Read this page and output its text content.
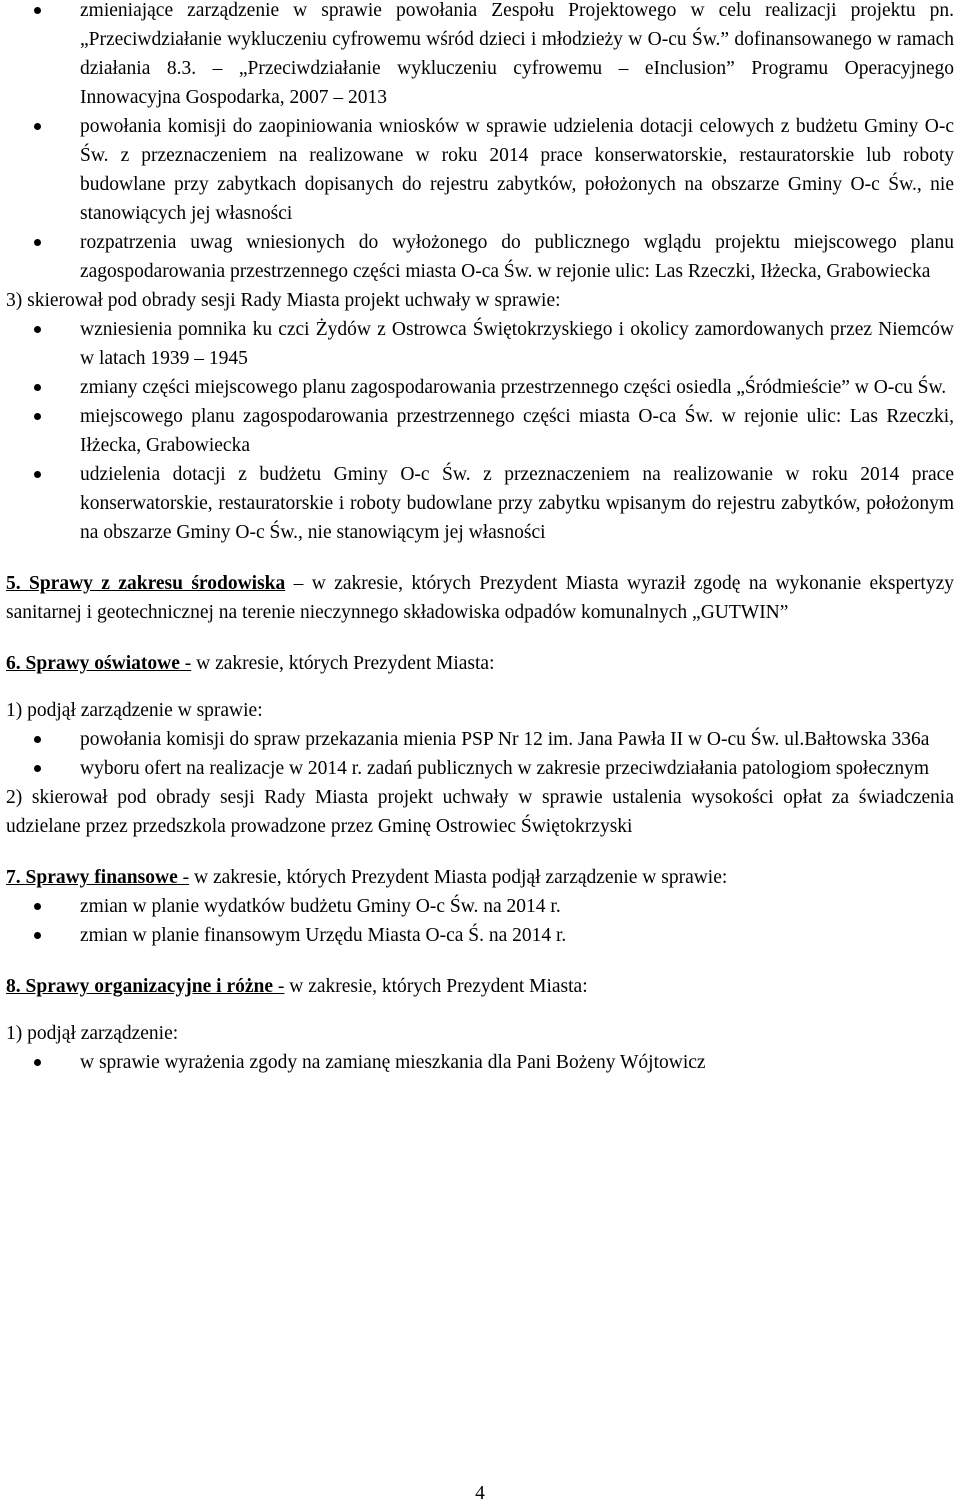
zmieniające zarządzenie w sprawie powołania Zespołu Projektowego w celu realizacji projektu pn. „Przeciwdziałanie wykluczeniu cyfrowemu wśród dzieci i młodzieży w O-cu Św.” dofinansowanego w ramach działania 8.3. – „Przeciwdziałanie wykluczeniu cyfrowemu – eInclusion” Programu Operacyjnego Innowacyjna Gospodarka, 2007 – 2013
powołania komisji do zaopiniowania wniosków w sprawie udzielenia dotacji celowych z budżetu Gminy O-c Św. z przeznaczeniem na realizowane w roku 2014 prace konserwatorskie, restauratorskie lub roboty budowlane przy zabytkach dopisanych do rejestru zabytków, położonych na obszarze Gminy O-c Św., nie stanowiących jej własności
rozpatrzenia uwag wniesionych do wyłożonego do publicznego wglądu projektu miejscowego planu zagospodarowania przestrzennego części miasta O-ca Św. w rejonie ulic: Las Rzeczki, Iłżecka, Grabowiecka

3) skierował pod obrady sesji Rady Miasta projekt uchwały w sprawie:

wzniesienia pomnika ku czci Żydów z Ostrowca Świętokrzyskiego i okolicy zamordowanych przez Niemców w latach 1939 – 1945
zmiany części miejscowego planu zagospodarowania przestrzennego części osiedla „Śródmieście” w O-cu Św.
miejscowego planu zagospodarowania przestrzennego części miasta O-ca Św. w rejonie ulic: Las Rzeczki, Iłżecka, Grabowiecka
udzielenia dotacji z budżetu Gminy O-c Św. z przeznaczeniem na realizowanie w roku 2014 prace konserwatorskie, restauratorskie i roboty budowlane przy zabytku wpisanym do rejestru zabytków, położonym na obszarze Gminy O-c Św., nie stanowiącym jej własności

5. Sprawy z zakresu środowiska – w zakresie, których Prezydent Miasta wyraził zgodę na wykonanie ekspertyzy sanitarnej i geotechnicznej na terenie nieczynnego składowiska odpadów komunalnych „GUTWIN”

6. Sprawy oświatowe - w zakresie, których Prezydent Miasta:

1) podjął zarządzenie w sprawie:

powołania komisji do spraw przekazania mienia PSP Nr 12 im. Jana Pawła II w O-cu Św. ul.Bałtowska 336a
wyboru ofert na realizacje w 2014 r. zadań publicznych w zakresie przeciwdziałania patologiom społecznym

2) skierował pod obrady sesji Rady Miasta projekt uchwały w sprawie ustalenia wysokości opłat za świadczenia udzielane przez przedszkola prowadzone przez Gminę Ostrowiec Świętokrzyski

7. Sprawy finansowe - w zakresie, których Prezydent Miasta podjął zarządzenie w sprawie:

zmian w planie wydatków budżetu Gminy O-c Św. na 2014 r.
zmian w planie finansowym Urzędu Miasta O-ca Ś. na 2014 r.

8. Sprawy organizacyjne i różne - w zakresie, których Prezydent Miasta:

1) podjął zarządzenie:

w sprawie wyrażenia zgody na zamianę mieszkania dla Pani Bożeny Wójtowicz
4
